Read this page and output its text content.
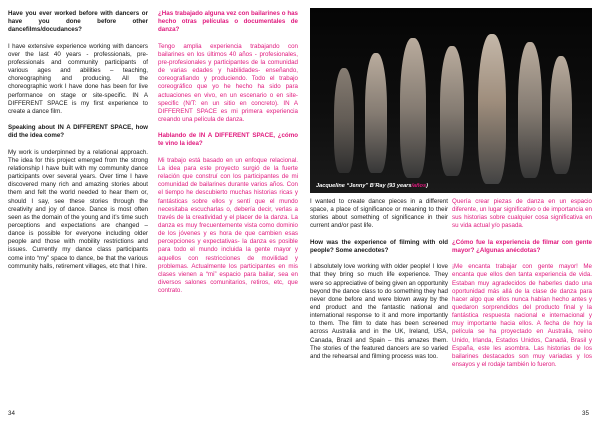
Have you ever worked before with dancers or have you done before other dancefilms/docudances?

I have extensive experience working with dancers over the last 40 years - professionals, pre-professionals and community participants of various ages and abilities – teaching, choreographing and producing. All the choreographic work I have done has been for live performance on stage or site-specific. IN A DIFFERENT SPACE is my first experience to create a dance film.

Speaking about IN A DIFFERENT SPACE, how did the idea come?

My work is underpinned by a relational approach. The idea for this project emerged from the strong relationship I have built with my community dance participants over several years. Over time I have discovered many rich and amazing stories about them and felt the world needed to hear them or, should I say, see these stories through the creativity and joy of dance. Dance is most often seen as the domain of the young and it’s time such perceptions and expectations are changed – dance is possible for everyone including older people and those with mobility restrictions and issues. Currently my dance class participants come into “my” space to dance, be that the various community halls, retirement villages, etc that I hire.

¿Has trabajado alguna vez con bailarines o has hecho otras películas o documentales de danza?

Tengo amplia experiencia trabajando con bailarines en los últimos 40 años - profesionales, pre-profesionales y participantes de la comunidad de varias edades y habilidades- enseñando, coreografiando y produciendo. Todo el trabajo coreográfico que yo he hecho ha sido para actuaciones en vivo, en un escenario o en site-specific (N/T: en un sitio en concreto). IN A DIFFERENT SPACE es mi primera experiencia creando una película de danza.

Hablando de IN A DIFFERENT SPACE, ¿cómo te vino la idea?

Mi trabajo está basado en un enfoque relacional. La idea para este proyecto surgió de la fuerte relación que construí con los participantes de mi comunidad de bailarines durante varios años. Con el tiempo he descubierto muchas historias ricas y fantásticas sobre ellos y sentí que el mundo necesitaba escucharlas o, debería decir, verlas a través de la creatividad y el placer de la danza. La danza es muy frecuentemente vista como dominio de los jóvenes y es hora de que cambien esas percepciones y expectativas- la danza es posible para todo el mundo incluida la gente mayor y aquellos con restricciones de movilidad y problemas. Actualmente los participantes en mis clases vienen a “mi” espacio para bailar, sea en diversos salones comunitarios, retiros, etc, que contrato.

34
Jacqueline “Jenny” B’Ray (93 years/años)

I wanted to create dance pieces in a different space, a place of significance or meaning to their stories about something of significance in their current and/or past life.

How was the experience of filming with old people? Some anecdotes?

I absolutely love working with older people! I love that they bring so much life experience. They were so appreciative of being given an opportunity beyond the dance class to do something they had never done before and were blown away by the end product and the fantastic national and international response to it and more importantly to them. The film to date has been screened across Australia and in the UK, Ireland, USA, Canada, Brazil and Spain – this amazes them. The stories of the featured dancers are so varied and the rehearsal and filming process was too.

Quería crear piezas de danza en un espacio diferente, un lugar significativo o de importancia en sus historias sobre cualquier cosa significativa en su vida actual y/o pasada.

¿Cómo fue la experiencia de filmar con gente mayor? ¿Algunas anécdotas?

¡Me encanta trabajar con gente mayor! Me encanta que ellos den tanta experiencia de vida. Estaban muy agradecidos de haberles dado una oportunidad más allá de la clase de danza para hacer algo que ellos nunca habían hecho antes y quedaron sorprendidos del producto final y la fantástica respuesta nacional e internacional y muy importante hacia ellos. A fecha de hoy la película se ha proyectado en Australia, reino Unido, Irlanda, Estados Unidos, Canadá, Brasil y España, este les asombra. Las historias de los bailarines destacados son muy variadas y los ensayos y el rodaje también lo fueron.

35
